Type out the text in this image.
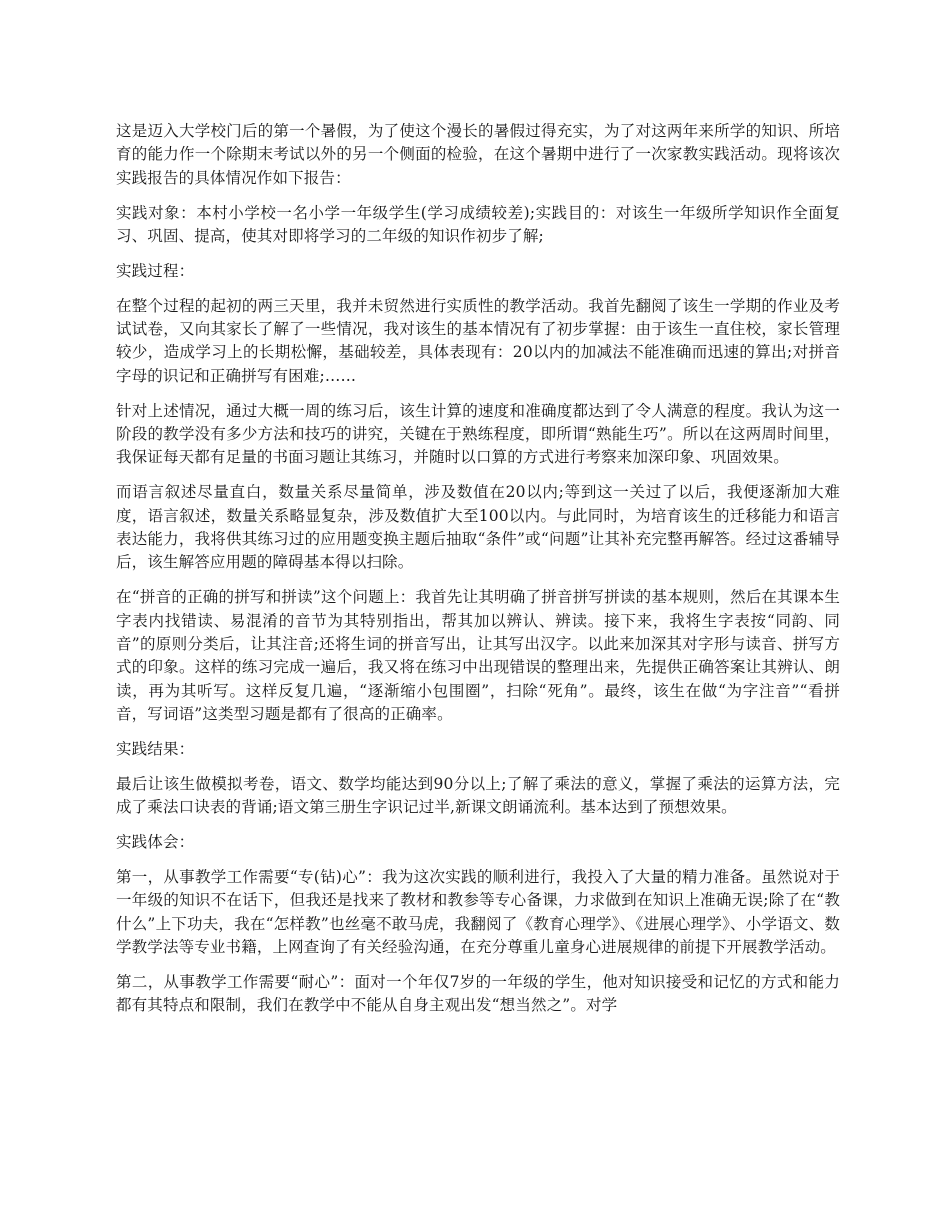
这是迈入大学校门后的第一个暑假，为了使这个漫长的暑假过得充实，为了对这两年来所学的知识、所培育的能力作一个除期末考试以外的另一个侧面的检验，在这个暑期中进行了一次家教实践活动。现将该次实践报告的具体情况作如下报告：

实践对象：本村小学校一名小学一年级学生(学习成绩较差);实践目的：对该生一年级所学知识作全面复习、巩固、提高，使其对即将学习的二年级的知识作初步了解;

实践过程：

在整个过程的起初的两三天里，我并未贸然进行实质性的教学活动。我首先翻阅了该生一学期的作业及考试试卷，又向其家长了解了一些情况，我对该生的基本情况有了初步掌握：由于该生一直住校，家长管理较少，造成学习上的长期松懈，基础较差，具体表现有：20以内的加减法不能准确而迅速的算出;对拼音字母的识记和正确拼写有困难;……

针对上述情况，通过大概一周的练习后，该生计算的速度和准确度都达到了令人满意的程度。我认为这一阶段的教学没有多少方法和技巧的讲究，关键在于熟练程度，即所谓“熟能生巧”。所以在这两周时间里，我保证每天都有足量的书面习题让其练习，并随时以口算的方式进行考察来加深印象、巩固效果。

而语言叙述尽量直白，数量关系尽量简单，涉及数值在20以内;等到这一关过了以后，我便逐渐加大难度，语言叙述，数量关系略显复杂，涉及数值扩大至100以内。与此同时，为培育该生的迁移能力和语言表达能力，我将供其练习过的应用题变换主题后抽取“条件”或“问题”让其补充完整再解答。经过这番辅导后，该生解答应用题的障碍基本得以扫除。

在“拼音的正确的拼写和拼读”这个问题上：我首先让其明确了拼音拼写拼读的基本规则，然后在其课本生字表内找错读、易混淆的音节为其特别指出，帮其加以辨认、辨读。接下来，我将生字表按“同韵、同音”的原则分类后，让其注音;还将生词的拼音写出，让其写出汉字。以此来加深其对字形与读音、拼写方式的印象。这样的练习完成一遍后，我又将在练习中出现错误的整理出来，先提供正确答案让其辨认、朗读，再为其听写。这样反复几遍，“逐渐缩小包围圈”，扫除“死角”。最终，该生在做“为字注音”“看拼音，写词语”这类型习题是都有了很高的正确率。

实践结果：

最后让该生做模拟考卷，语文、数学均能达到90分以上;了解了乘法的意义，掌握了乘法的运算方法，完成了乘法口诀表的背诵;语文第三册生字识记过半,新课文朗诵流利。基本达到了预想效果。

实践体会：

第一，从事教学工作需要“专(钻)心”：我为这次实践的顺利进行，我投入了大量的精力准备。虽然说对于一年级的知识不在话下，但我还是找来了教材和教参等专心备课，力求做到在知识上准确无误;除了在“教什么”上下功夫，我在“怎样教”也丝毫不敢马虎，我翻阅了《教育心理学》、《进展心理学》、小学语文、数学教学法等专业书籍，上网查询了有关经验沟通，在充分尊重儿童身心进展规律的前提下开展教学活动。

第二，从事教学工作需要“耐心”：面对一个年仅7岁的一年级的学生，他对知识接受和记忆的方式和能力都有其特点和限制，我们在教学中不能从自身主观出发“想当然之”。对学
